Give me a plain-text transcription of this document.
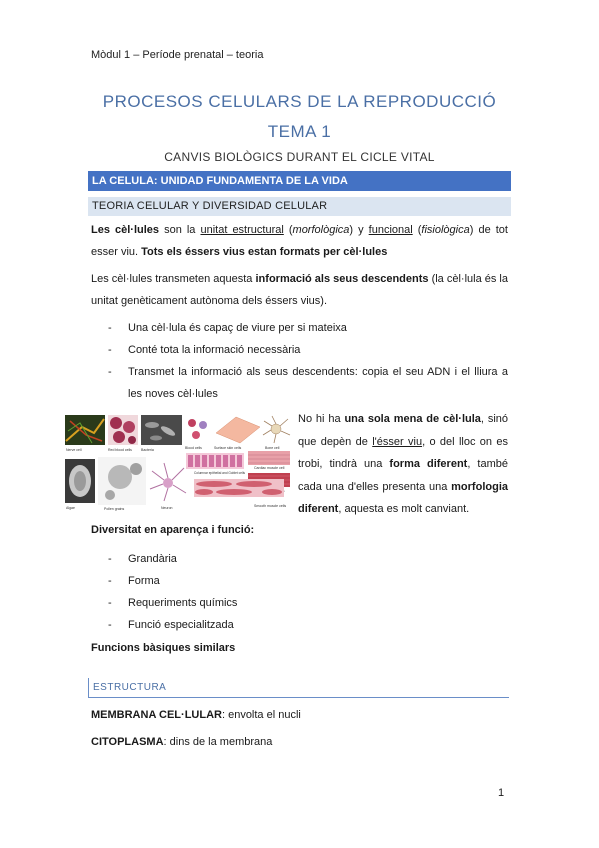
Mòdul 1 – Període prenatal – teoria
PROCESOS CELULARS DE LA REPRODUCCIÓ
TEMA 1
CANVIS BIOLÒGICS DURANT EL CICLE VITAL
LA CELULA: UNIDAD FUNDAMENTA DE LA VIDA
TEORIA CELULAR Y DIVERSIDAD CELULAR
Les cèl·lules son la unitat estructural (morfològica) y funcional (fisiològica) de tot esser viu. Tots els éssers vius estan formats per cèl·lules
Les cèl·lules transmeten aquesta informació als seus descendents (la cèl·lula és la unitat genèticament autònoma dels éssers vius).
- Una cèl·lula és capaç de viure per si mateixa
- Conté tota la informació necessària
- Transmet la informació als seus descendents: copia el seu ADN i el lliura a les noves cèl·lules
Nerve cell	Red blood cells	Bacteria	Blood cells	Surface skin cells	Bone cell
Cardiac muscle cell
Columnar epithelial and Goblet cells
Algae	Pollen grains	Neuron	Smooth muscle cells
No hi ha una sola mena de cèl·lula, sinó que depèn de l'ésser viu, o del lloc on es trobi, tindrà una forma diferent, també cada una d'elles presenta una morfologia diferent, aquesta es molt canviant.
Diversitat en aparença i funció:
- Grandària
- Forma
- Requeriments químics
- Funció especialitzada
Funcions bàsiques similars
ESTRUCTURA
MEMBRANA CEL·LULAR: envolta el nucli
CITOPLASMA: dins de la membrana
1
